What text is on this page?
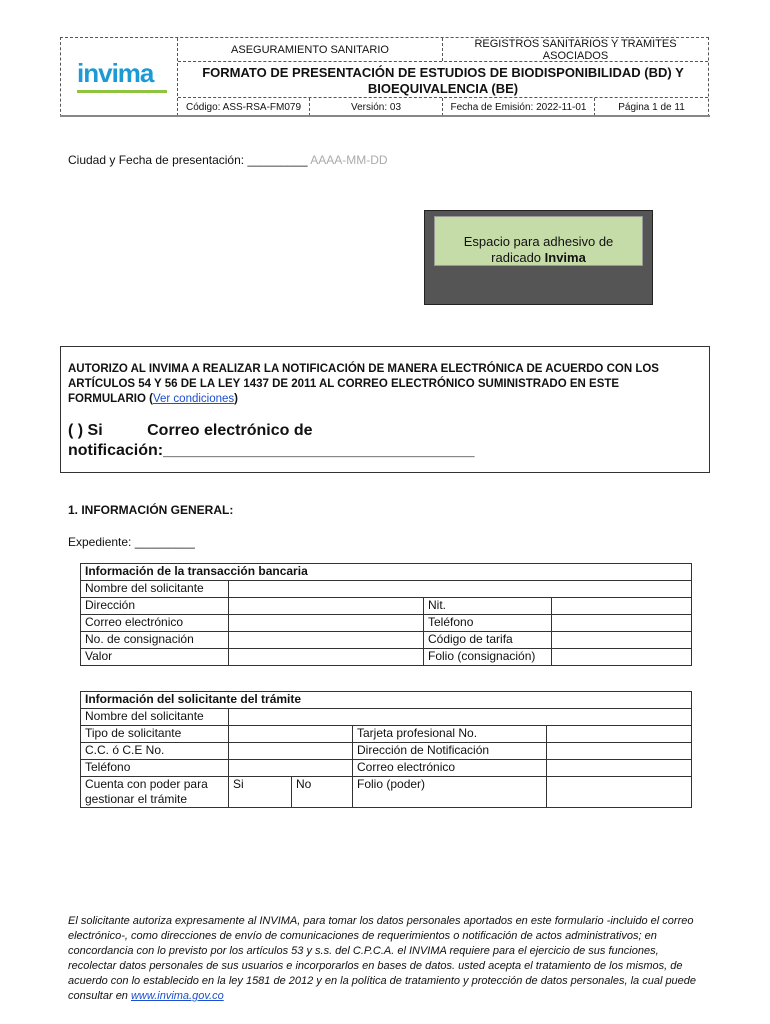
invima
ASEGURAMIENTO SANITARIO	REGISTROS SANITARIOS Y TRAMITES ASOCIADOS
FORMATO DE PRESENTACIÓN DE ESTUDIOS DE BIODISPONIBILIDAD (BD) Y BIOEQUIVALENCIA (BE)
Código: ASS-RSA-FM079	Versión: 03	Fecha de Emisión: 2022-11-01	Página 1 de 11
Ciudad y Fecha de presentación: _________ AAAA-MM-DD
Espacio para adhesivo de
radicado Invima
AUTORIZO AL INVIMA A REALIZAR LA NOTIFICACIÓN DE MANERA ELECTRÓNICA DE ACUERDO CON LOS ARTÍCULOS 54 Y 56 DE LA LEY 1437 DE 2011 AL CORREO ELECTRÓNICO SUMINISTRADO EN ESTE FORMULARIO (Ver condiciones)
( ) Si          Correo electrónico de notificación:___________________________________
1. INFORMACIÓN GENERAL:
Expediente: _________
Información de la transacción bancaria			
Nombre del solicitante			
Dirección		Nit.	
Correo electrónico		Teléfono	
No. de consignación		Código de tarifa	
Valor		Folio (consignación)	
Información del solicitante del trámite				
Nombre del solicitante				
Tipo de solicitante			Tarjeta profesional No.	
C.C. ó C.E No.			Dirección de Notificación	
Teléfono			Correo electrónico	
Cuenta con poder para gestionar el trámite	Si	No	Folio (poder)	
El solicitante autoriza expresamente al INVIMA, para tomar los datos personales aportados en este formulario -incluido el correo electrónico-, como direcciones de envío de comunicaciones de requerimientos o notificación de actos administrativos; en concordancia con lo previsto por los artículos 53 y s.s. del C.P.C.A. el INVIMA requiere para el ejercicio de sus funciones, recolectar datos personales de sus usuarios e incorporarlos en bases de datos. usted acepta el tratamiento de los mismos, de acuerdo con lo establecido en la ley 1581 de 2012 y en la política de tratamiento y protección de datos personales, la cual puede consultar en www.invima.gov.co
